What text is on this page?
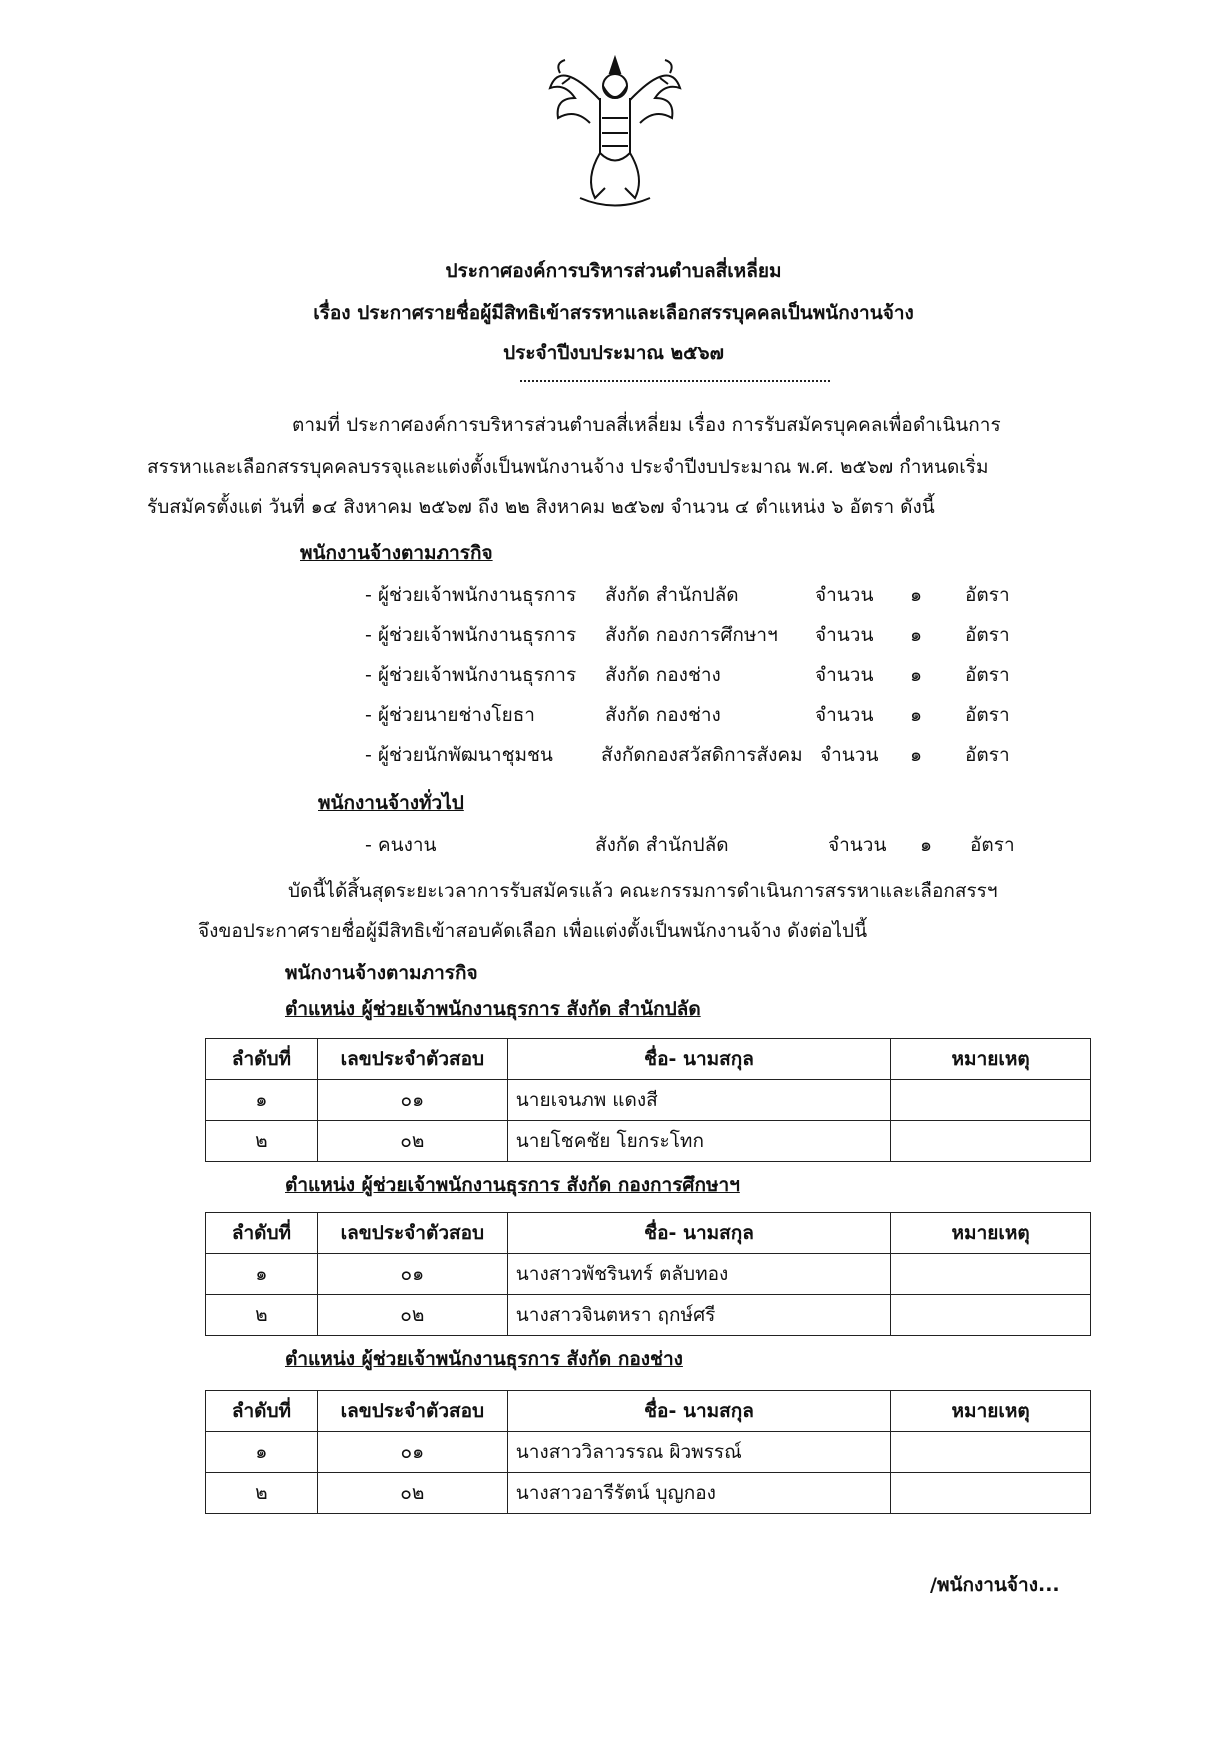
ประกาศองค์การบริหารส่วนตำบลสี่เหลี่ยม
เรื่อง ประกาศรายชื่อผู้มีสิทธิเข้าสรรหาและเลือกสรรบุคคลเป็นพนักงานจ้าง
ประจำปีงบประมาณ ๒๕๖๗
ตามที่ ประกาศองค์การบริหารส่วนตำบลสี่เหลี่ยม เรื่อง การรับสมัครบุคคลเพื่อดำเนินการ
สรรหาและเลือกสรรบุคคลบรรจุและแต่งตั้งเป็นพนักงานจ้าง ประจำปีงบประมาณ พ.ศ. ๒๕๖๗ กำหนดเริ่ม
รับสมัครตั้งแต่ วันที่ ๑๔ สิงหาคม ๒๕๖๗ ถึง ๒๒ สิงหาคม ๒๕๖๗ จำนวน ๔ ตำแหน่ง ๖ อัตรา ดังนี้
พนักงานจ้างตามภารกิจ
- ผู้ช่วยเจ้าพนักงานธุรการ สังกัด สำนักปลัด	จำนวน ๑ อัตรา
- ผู้ช่วยเจ้าพนักงานธุรการ สังกัด กองการศึกษาฯ จำนวน ๑ อัตรา
- ผู้ช่วยเจ้าพนักงานธุรการ สังกัด กองช่าง	จำนวน ๑ อัตรา
- ผู้ช่วยนายช่างโยธา	สังกัด กองช่าง	จำนวน ๑ อัตรา
- ผู้ช่วยนักพัฒนาชุมชน	สังกัดกองสวัสดิการสังคม จำนวน ๑ อัตรา
พนักงานจ้างทั่วไป
- คนงาน	สังกัด สำนักปลัด	จำนวน ๑ อัตรา
บัดนี้ได้สิ้นสุดระยะเวลาการรับสมัครแล้ว คณะกรรมการดำเนินการสรรหาและเลือกสรรฯ
จึงขอประกาศรายชื่อผู้มีสิทธิเข้าสอบคัดเลือก เพื่อแต่งตั้งเป็นพนักงานจ้าง ดังต่อไปนี้
พนักงานจ้างตามภารกิจ
ตำแหน่ง ผู้ช่วยเจ้าพนักงานธุรการ สังกัด สำนักปลัด
ลำดับที่	เลขประจำตัวสอบ	ชื่อ- นามสกุล	หมายเหตุ
๑	๐๑	นายเจนภพ แดงสี	
๒	๐๒	นายโชคชัย โยกระโทก	
ตำแหน่ง ผู้ช่วยเจ้าพนักงานธุรการ สังกัด กองการศึกษาฯ
ลำดับที่	เลขประจำตัวสอบ	ชื่อ- นามสกุล	หมายเหตุ
๑	๐๑	นางสาวพัชรินทร์ ตลับทอง	
๒	๐๒	นางสาวจินตหรา ฤกษ์ศรี	
ตำแหน่ง ผู้ช่วยเจ้าพนักงานธุรการ สังกัด กองช่าง
ลำดับที่	เลขประจำตัวสอบ	ชื่อ- นามสกุล	หมายเหตุ
๑	๐๑	นางสาววิลาวรรณ ผิวพรรณ์	
๒	๐๒	นางสาวอารีรัตน์ บุญกอง	
/พนักงานจ้าง...
